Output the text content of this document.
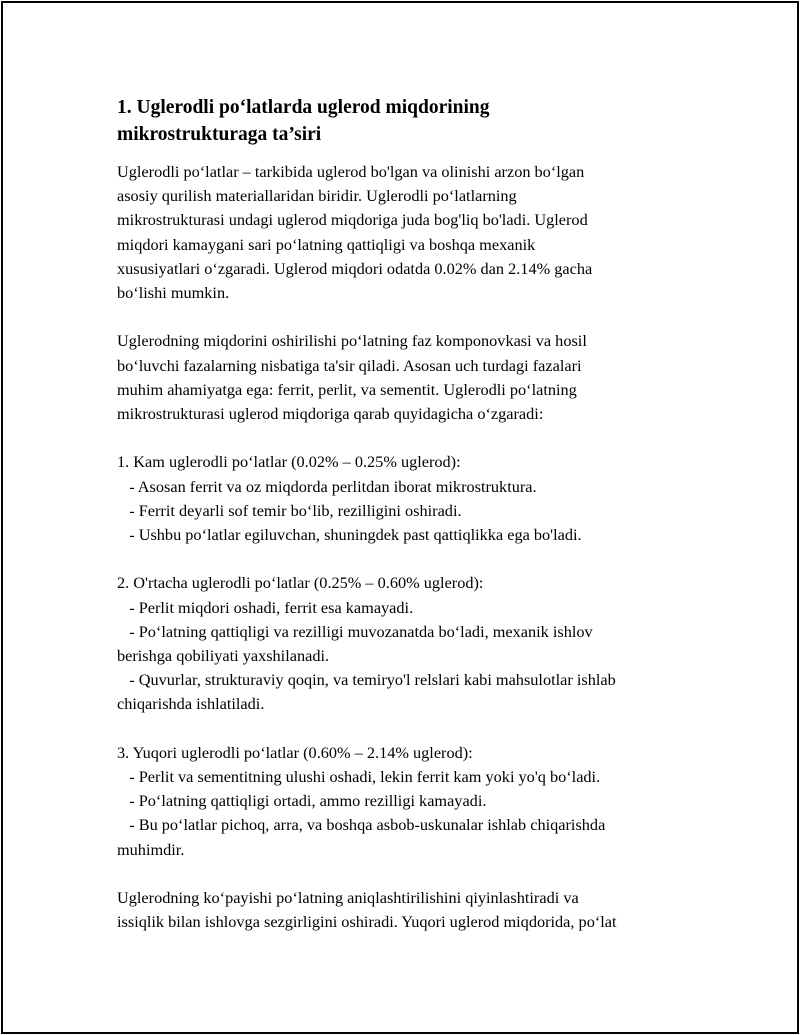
1. Uglerodli po‘latlarda uglerod miqdorining
mikrostrukturaga ta’siri
Uglerodli po‘latlar – tarkibida uglerod bo'lgan va olinishi arzon bo‘lgan
asosiy qurilish materiallaridan biridir. Uglerodli po‘latlarning
mikrostrukturasi undagi uglerod miqdoriga juda bog'liq bo'ladi. Uglerod
miqdori kamaygani sari po‘latning qattiqligi va boshqa mexanik
xususiyatlari o‘zgaradi. Uglerod miqdori odatda 0.02% dan 2.14% gacha
bo‘lishi mumkin.
Uglerodning miqdorini oshirilishi po‘latning faz komponovkasi va hosil
bo‘luvchi fazalarning nisbatiga ta'sir qiladi. Asosan uch turdagi fazalari
muhim ahamiyatga ega: ferrit, perlit, va sementit. Uglerodli po‘latning
mikrostrukturasi uglerod miqdoriga qarab quyidagicha o‘zgaradi:
1. Kam uglerodli po‘latlar (0.02% – 0.25% uglerod):
- Asosan ferrit va oz miqdorda perlitdan iborat mikrostruktura.
- Ferrit deyarli sof temir bo‘lib, rezilligini oshiradi.
- Ushbu po‘latlar egiluvchan, shuningdek past qattiqlikka ega bo'ladi.
2. O'rtacha uglerodli po‘latlar (0.25% – 0.60% uglerod):
- Perlit miqdori oshadi, ferrit esa kamayadi.
- Po‘latning qattiqligi va rezilligi muvozanatda bo‘ladi, mexanik ishlov
berishga qobiliyati yaxshilanadi.
- Quvurlar, strukturaviy qoqin, va temiryo'l relslari kabi mahsulotlar ishlab
chiqarishda ishlatiladi.
3. Yuqori uglerodli po‘latlar (0.60% – 2.14% uglerod):
- Perlit va sementitning ulushi oshadi, lekin ferrit kam yoki yo'q bo‘ladi.
- Po‘latning qattiqligi ortadi, ammo rezilligi kamayadi.
- Bu po‘latlar pichoq, arra, va boshqa asbob-uskunalar ishlab chiqarishda
muhimdir.
Uglerodning ko‘payishi po‘latning aniqlashtirilishini qiyinlashtiradi va
issiqlik bilan ishlovga sezgirligini oshiradi. Yuqori uglerod miqdorida, po‘lat
